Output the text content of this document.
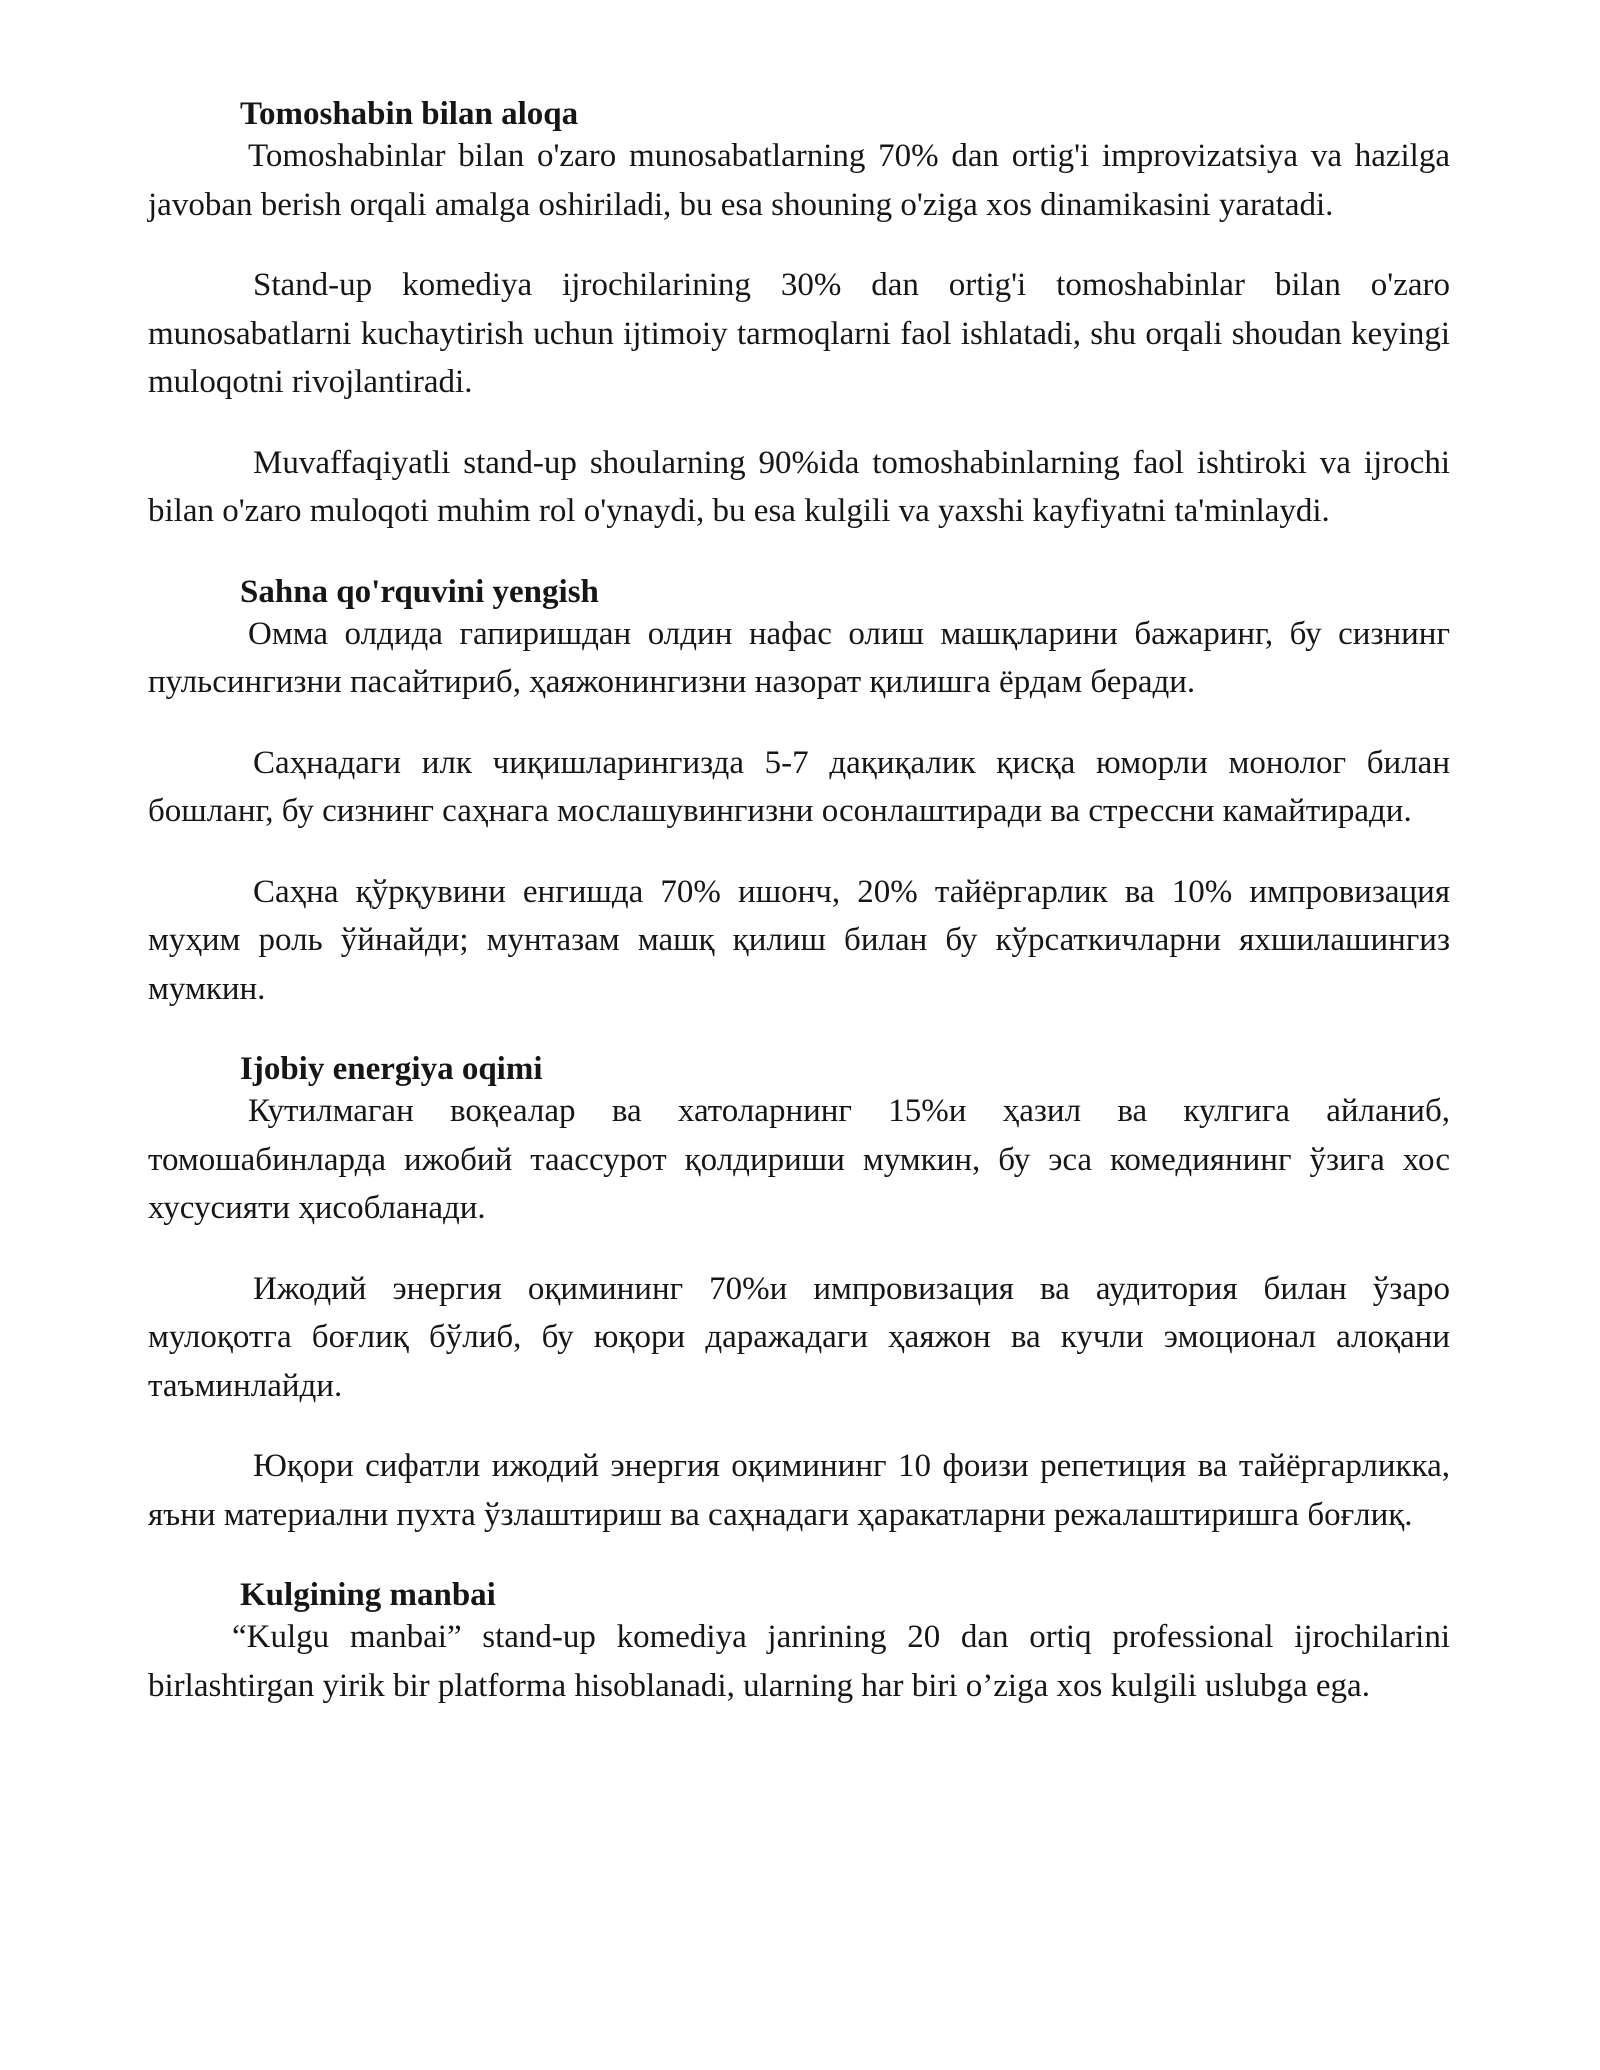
Tomoshabin bilan aloqa

Tomoshabinlar bilan o'zaro munosabatlarning 70% dan ortig'i improvizatsiya va hazilga javoban berish orqali amalga oshiriladi, bu esa shouning o'ziga xos dinamikasini yaratadi.

Stand-up komediya ijrochilarining 30% dan ortig'i tomoshabinlar bilan o'zaro munosabatlarni kuchaytirish uchun ijtimoiy tarmoqlarni faol ishlatadi, shu orqali shoudan keyingi muloqotni rivojlantiradi.

Muvaffaqiyatli stand-up shoularning 90%ida tomoshabinlarning faol ishtiroki va ijrochi bilan o'zaro muloqoti muhim rol o'ynaydi, bu esa kulgili va yaxshi kayfiyatni ta'minlaydi.

Sahna qo'rquvini yengish

Омма олдида гапиришдан олдин нафас олиш машқларини бажаринг, бу сизнинг пульсингизни пасайтириб, ҳаяжонингизни назорат қилишга ёрдам беради.

Саҳнадаги илк чиқишларингизда 5-7 дақиқалик қисқа юморли монолог билан бошланг, бу сизнинг саҳнага мослашувингизни осонлаштиради ва стрессни камайтиради.

Саҳна қўрқувини енгишда 70% ишонч, 20% тайёргарлик ва 10% импровизация муҳим роль ўйнайди; мунтазам машқ қилиш билан бу кўрсаткичларни яхшилашингиз мумкин.

Ijobiy energiya oqimi

Кутилмаган воқеалар ва хатоларнинг 15%и ҳазил ва кулгига айланиб, томошабинларда ижобий таассурот қолдириши мумкин, бу эса комедиянинг ўзига хос хусусияти ҳисобланади.

Ижодий энергия оқимининг 70%и импровизация ва аудитория билан ўзаро мулоқотга боғлиқ бўлиб, бу юқори даражадаги ҳаяжон ва кучли эмоционал алоқани таъминлайди.

Юқори сифатли ижодий энергия оқимининг 10 фоизи репетиция ва тайёргарликка, яъни материални пухта ўзлаштириш ва саҳнадаги ҳаракатларни режалаштиришга боғлиқ.

Kulgining manbai

“Kulgu manbai” stand-up komediya janrining 20 dan ortiq professional ijrochilarini birlashtirgan yirik bir platforma hisoblanadi, ularning har biri o’ziga xos kulgili uslubga ega.
